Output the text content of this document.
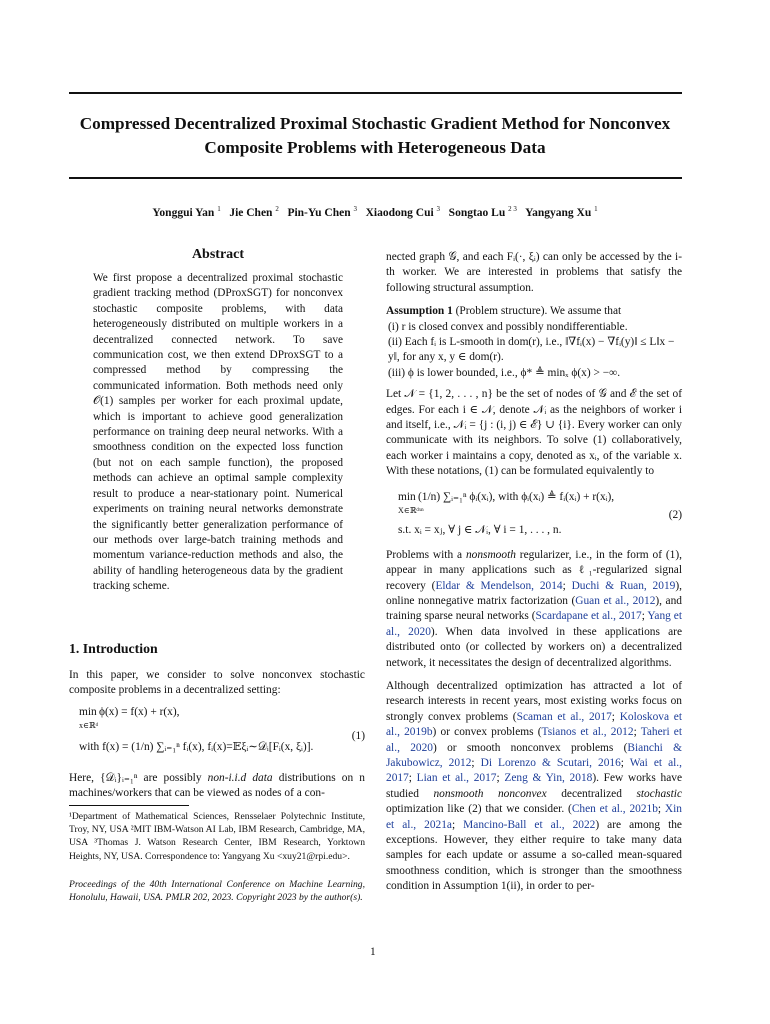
Compressed Decentralized Proximal Stochastic Gradient Method for Nonconvex
Composite Problems with Heterogeneous Data
Yonggui Yan $^1$ Jie Chen $^2$ Pin-Yu Chen $^3$ Xiaodong Cui $^3$ Songtao Lu $^{2 3}$ Yangyang Xu $^1$
Abstract

We first propose a decentralized proximal stochastic gradient tracking method (DProxSGT) for nonconvex stochastic composite problems, with data heterogeneously distributed on multiple workers in a decentralized connected network. To save communication cost, we then extend DProxSGT to a compressed method by compressing the communicated information. Both methods need only 𝒪(1) samples per worker for each proximal update, which is important to achieve good generalization performance on training deep neural networks. With a smoothness condition on the expected loss function (but not on each sample function), the proposed methods can achieve an optimal sample complexity result to produce a near-stationary point. Numerical experiments on training neural networks demonstrate the significantly better generalization performance of our methods over large-batch training methods and momentum variance-reduction methods and also, the ability of handling heterogeneous data by the gradient tracking scheme.

1. Introduction

In this paper, we consider to solve nonconvex stochastic composite problems in a decentralized setting:

min ϕ(x) = f(x) + r(x),
x∈ℝᵈ
with f(x) = (1/n) ∑ᵢ₌₁ⁿ fᵢ(x), fᵢ(x)=𝔼ξᵢ∼𝒟ᵢ[Fᵢ(x, ξᵢ)].
(1)

Here, {𝒟ᵢ}ᵢ₌₁ⁿ are possibly non-i.i.d data distributions on n machines/workers that can be viewed as nodes of a con-

¹Department of Mathematical Sciences, Rensselaer Polytechnic Institute, Troy, NY, USA ²MIT IBM-Watson AI Lab, IBM Research, Cambridge, MA, USA ³Thomas J. Watson Research Center, IBM Research, Yorktown Heights, NY, USA. Correspondence to: Yangyang Xu <xuy21@rpi.edu>.

Proceedings of the 40th International Conference on Machine Learning, Honolulu, Hawaii, USA. PMLR 202, 2023. Copyright 2023 by the author(s).

nected graph 𝒢, and each Fᵢ(·, ξᵢ) can only be accessed by the i-th worker. We are interested in problems that satisfy the following structural assumption.

Assumption 1 (Problem structure). We assume that

(i) r is closed convex and possibly nondifferentiable.
(ii) Each fᵢ is L-smooth in dom(r), i.e., ‖∇fᵢ(x) − ∇fᵢ(y)‖ ≤ L‖x − y‖, for any x, y ∈ dom(r).
(iii) ϕ is lower bounded, i.e., ϕ* ≜ minₓ ϕ(x) > −∞.

Let 𝒩 = {1, 2, . . . , n} be the set of nodes of 𝒢 and ℰ the set of edges. For each i ∈ 𝒩, denote 𝒩ᵢ as the neighbors of worker i and itself, i.e., 𝒩ᵢ = {j : (i, j) ∈ ℰ} ∪ {i}. Every worker can only communicate with its neighbors. To solve (1) collaboratively, each worker i maintains a copy, denoted as xᵢ, of the variable x. With these notations, (1) can be formulated equivalently to

min (1/n) ∑ᵢ₌₁ⁿ ϕᵢ(xᵢ), with ϕᵢ(xᵢ) ≜ fᵢ(xᵢ) + r(xᵢ),
X∈ℝᵈˣⁿ
s.t. xᵢ = xⱼ, ∀ j ∈ 𝒩ᵢ, ∀ i = 1, . . . , n.
(2)

Problems with a nonsmooth regularizer, i.e., in the form of (1), appear in many applications such as ℓ₁-regularized signal recovery (Eldar & Mendelson, 2014; Duchi & Ruan, 2019), online nonnegative matrix factorization (Guan et al., 2012), and training sparse neural networks (Scardapane et al., 2017; Yang et al., 2020). When data involved in these applications are distributed onto (or collected by workers on) a decentralized network, it necessitates the design of decentralized algorithms.

Although decentralized optimization has attracted a lot of research interests in recent years, most existing works focus on strongly convex problems (Scaman et al., 2017; Koloskova et al., 2019b) or convex problems (Tsianos et al., 2012; Taheri et al., 2020) or smooth nonconvex problems (Bianchi & Jakubowicz, 2012; Di Lorenzo & Scutari, 2016; Wai et al., 2017; Lian et al., 2017; Zeng & Yin, 2018). Few works have studied nonsmooth nonconvex decentralized stochastic optimization like (2) that we consider. (Chen et al., 2021b; Xin et al., 2021a; Mancino-Ball et al., 2022) are among the exceptions. However, they either require to take many data samples for each update or assume a so-called mean-squared smoothness condition, which is stronger than the smoothness condition in Assumption 1(ii), in order to per-

1
